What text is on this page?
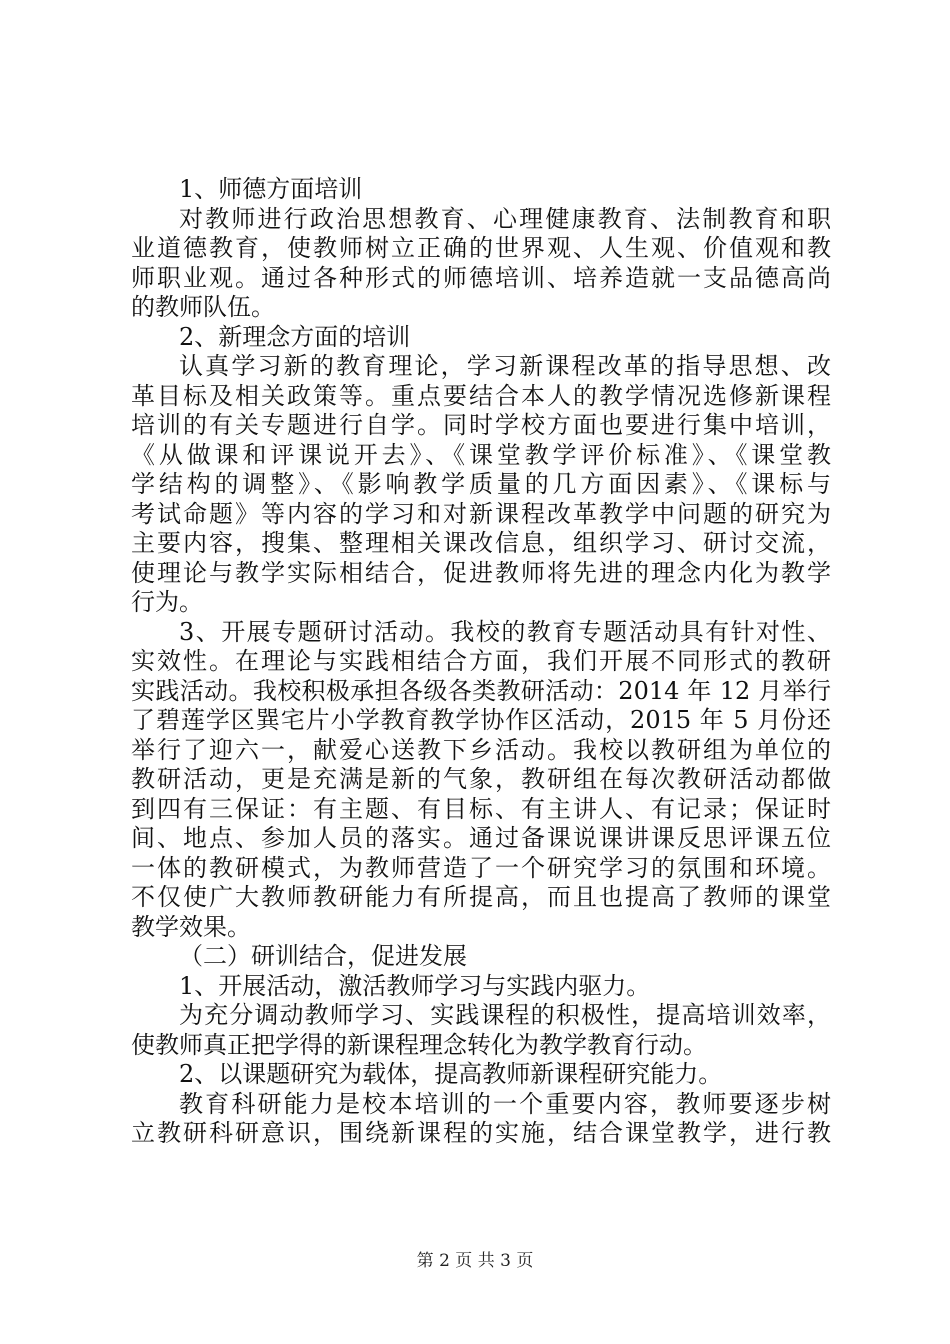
1、师德方面培训
对教师进行政治思想教育、心理健康教育、法制教育和职
业道德教育，使教师树立正确的世界观、人生观、价值观和教
师职业观。通过各种形式的师德培训、培养造就一支品德高尚
的教师队伍。
2、新理念方面的培训
认真学习新的教育理论，学习新课程改革的指导思想、改
革目标及相关政策等。重点要结合本人的教学情况选修新课程
培训的有关专题进行自学。同时学校方面也要进行集中培训，
《从做课和评课说开去》、《课堂教学评价标准》、《课堂教
学结构的调整》、《影响教学质量的几方面因素》、《课标与
考试命题》等内容的学习和对新课程改革教学中问题的研究为
主要内容，搜集、整理相关课改信息，组织学习、研讨交流，
使理论与教学实际相结合，促进教师将先进的理念内化为教学
行为。
3、开展专题研讨活动。我校的教育专题活动具有针对性、
实效性。在理论与实践相结合方面，我们开展不同形式的教研
实践活动。我校积极承担各级各类教研活动：2014 年 12 月举行
了碧莲学区巽宅片小学教育教学协作区活动，2015 年 5 月份还
举行了迎六一，献爱心送教下乡活动。我校以教研组为单位的
教研活动，更是充满是新的气象，教研组在每次教研活动都做
到四有三保证：有主题、有目标、有主讲人、有记录；保证时
间、地点、参加人员的落实。通过备课说课讲课反思评课五位
一体的教研模式，为教师营造了一个研究学习的氛围和环境。
不仅使广大教师教研能力有所提高，而且也提高了教师的课堂
教学效果。
（二）研训结合，促进发展
1、开展活动，激活教师学习与实践内驱力。
为充分调动教师学习、实践课程的积极性，提高培训效率，
使教师真正把学得的新课程理念转化为教学教育行动。
2、以课题研究为载体，提高教师新课程研究能力。
教育科研能力是校本培训的一个重要内容，教师要逐步树
立教研科研意识，围绕新课程的实施，结合课堂教学，进行教
第 2 页 共 3 页
